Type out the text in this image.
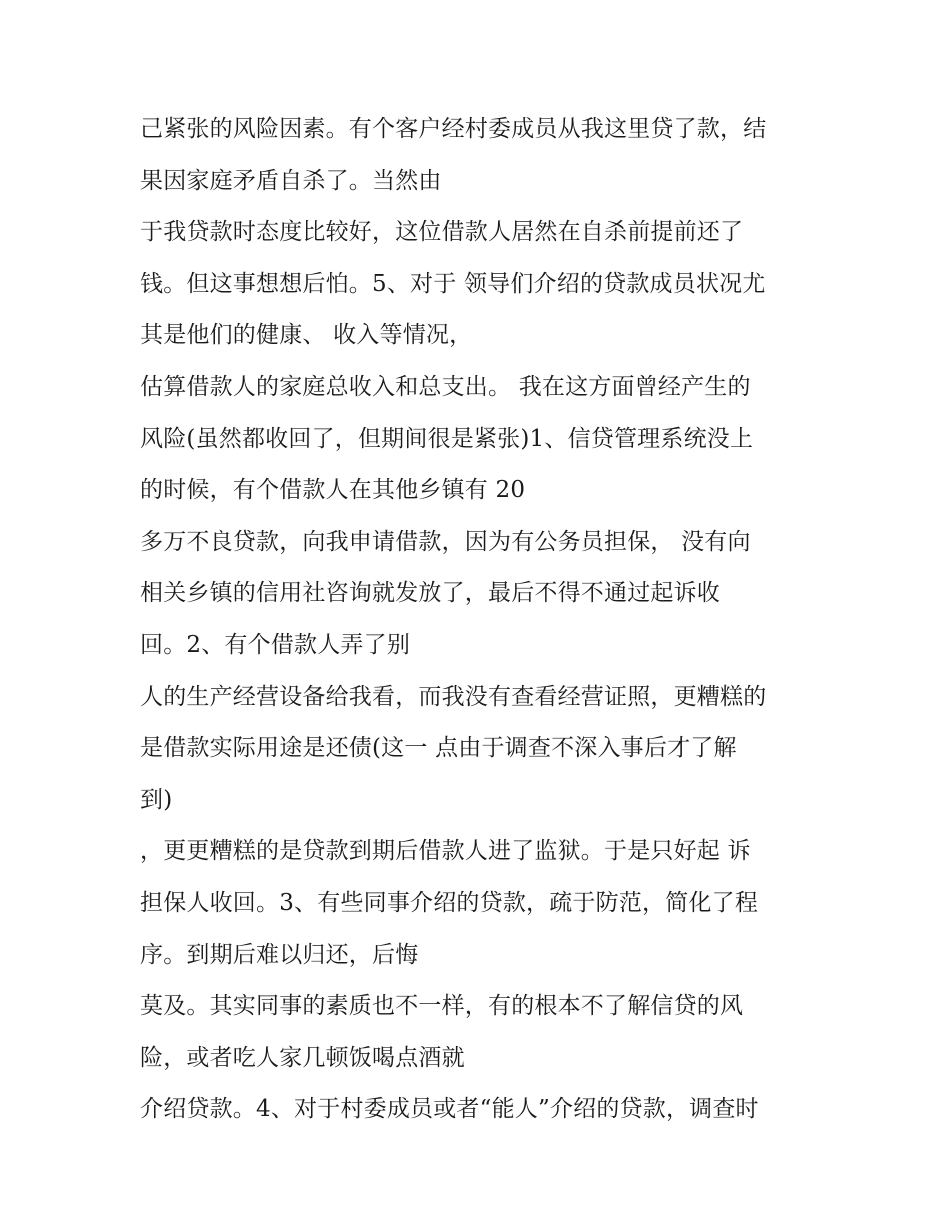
己紧张的风险因素。有个客户经村委成员从我这里贷了款，结
果因家庭矛盾自杀了。当然由
于我贷款时态度比较好，这位借款人居然在自杀前提前还了
钱。但这事想想后怕。5、对于 领导们介绍的贷款成员状况尤
其是他们的健康、 收入等情况，
估算借款人的家庭总收入和总支出。 我在这方面曾经产生的
风险(虽然都收回了，但期间很是紧张)1、信贷管理系统没上
的时候，有个借款人在其他乡镇有 20
多万不良贷款，向我申请借款，因为有公务员担保， 没有向
相关乡镇的信用社咨询就发放了，最后不得不通过起诉收
回。2、有个借款人弄了别
人的生产经营设备给我看，而我没有查看经营证照，更糟糕的
是借款实际用途是还债(这一 点由于调查不深入事后才了解
到)
，更更糟糕的是贷款到期后借款人进了监狱。于是只好起 诉
担保人收回。3、有些同事介绍的贷款，疏于防范，简化了程
序。到期后难以归还，后悔
莫及。其实同事的素质也不一样，有的根本不了解信贷的风
险，或者吃人家几顿饭喝点酒就
介绍贷款。4、对于村委成员或者“能人”介绍的贷款，调查时
